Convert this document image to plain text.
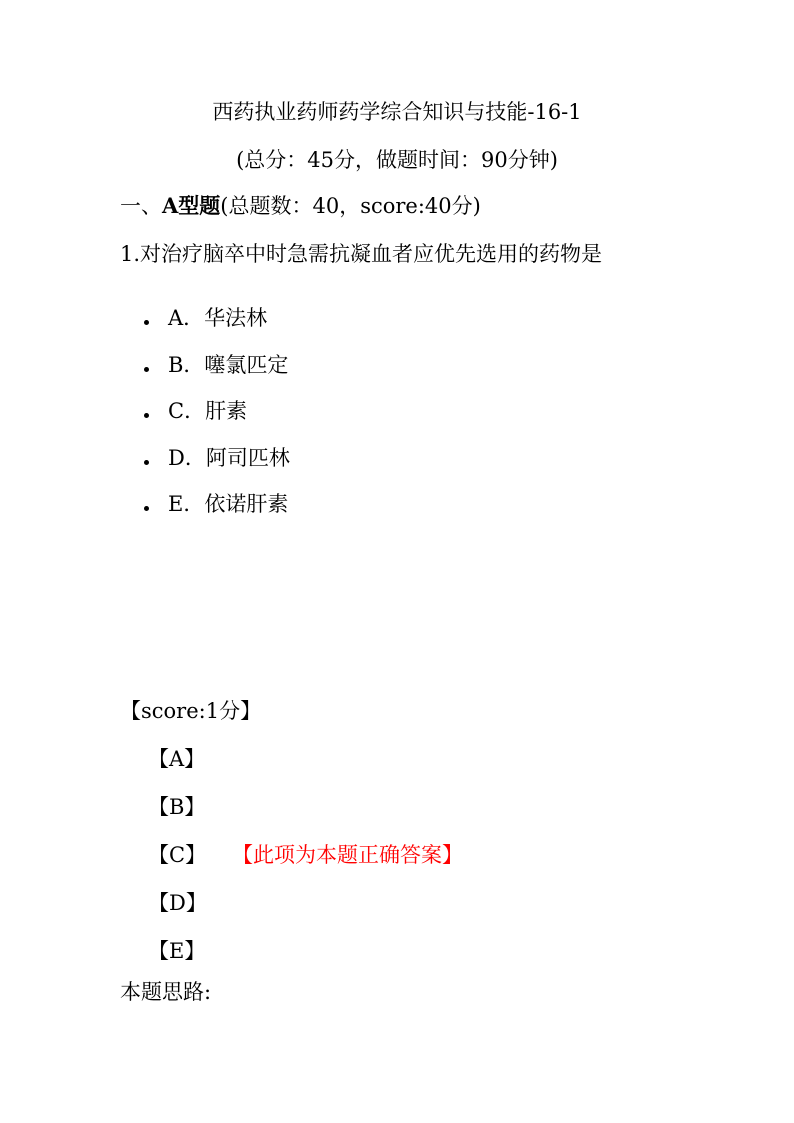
西药执业药师药学综合知识与技能-16-1
(总分：45分，做题时间：90分钟)
一、A型题(总题数：40，score:40分)
1.对治疗脑卒中时急需抗凝血者应优先选用的药物是
A．华法林
B．噻氯匹定
C．肝素
D．阿司匹林
E．依诺肝素
【score:1分】
【A】
【B】
【C】 【此项为本题正确答案】
【D】
【E】
本题思路:
